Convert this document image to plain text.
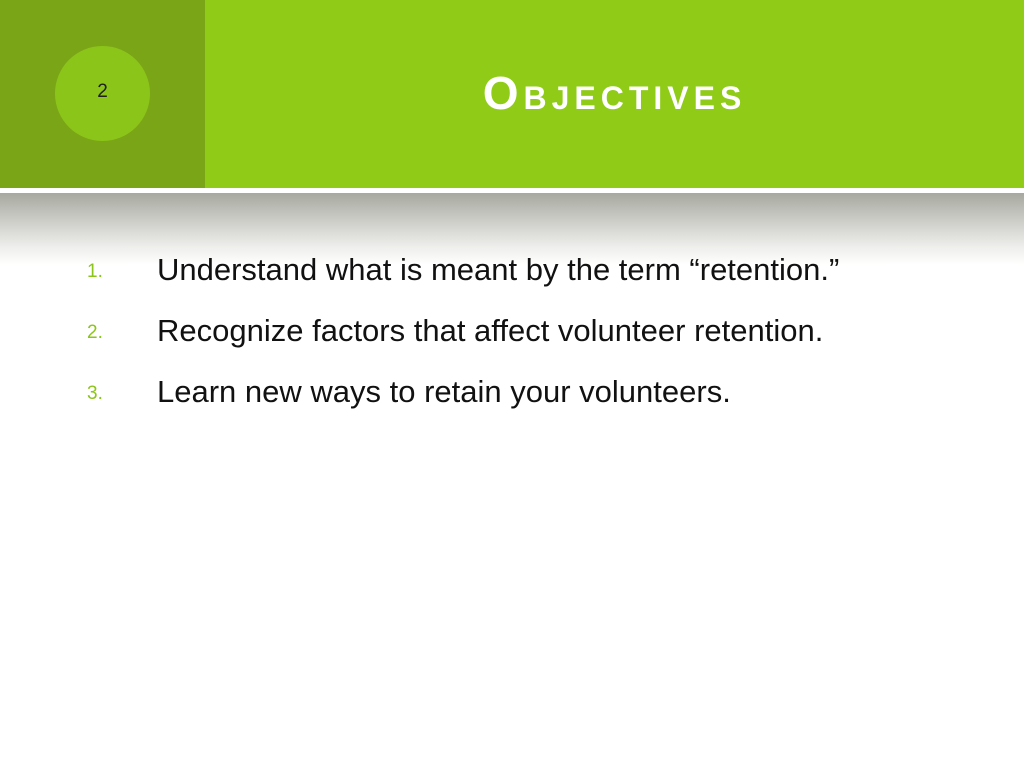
2	Objectives
1. Understand what is meant by the term “retention.”
2. Recognize factors that affect volunteer retention.
3. Learn new ways to retain your volunteers.
